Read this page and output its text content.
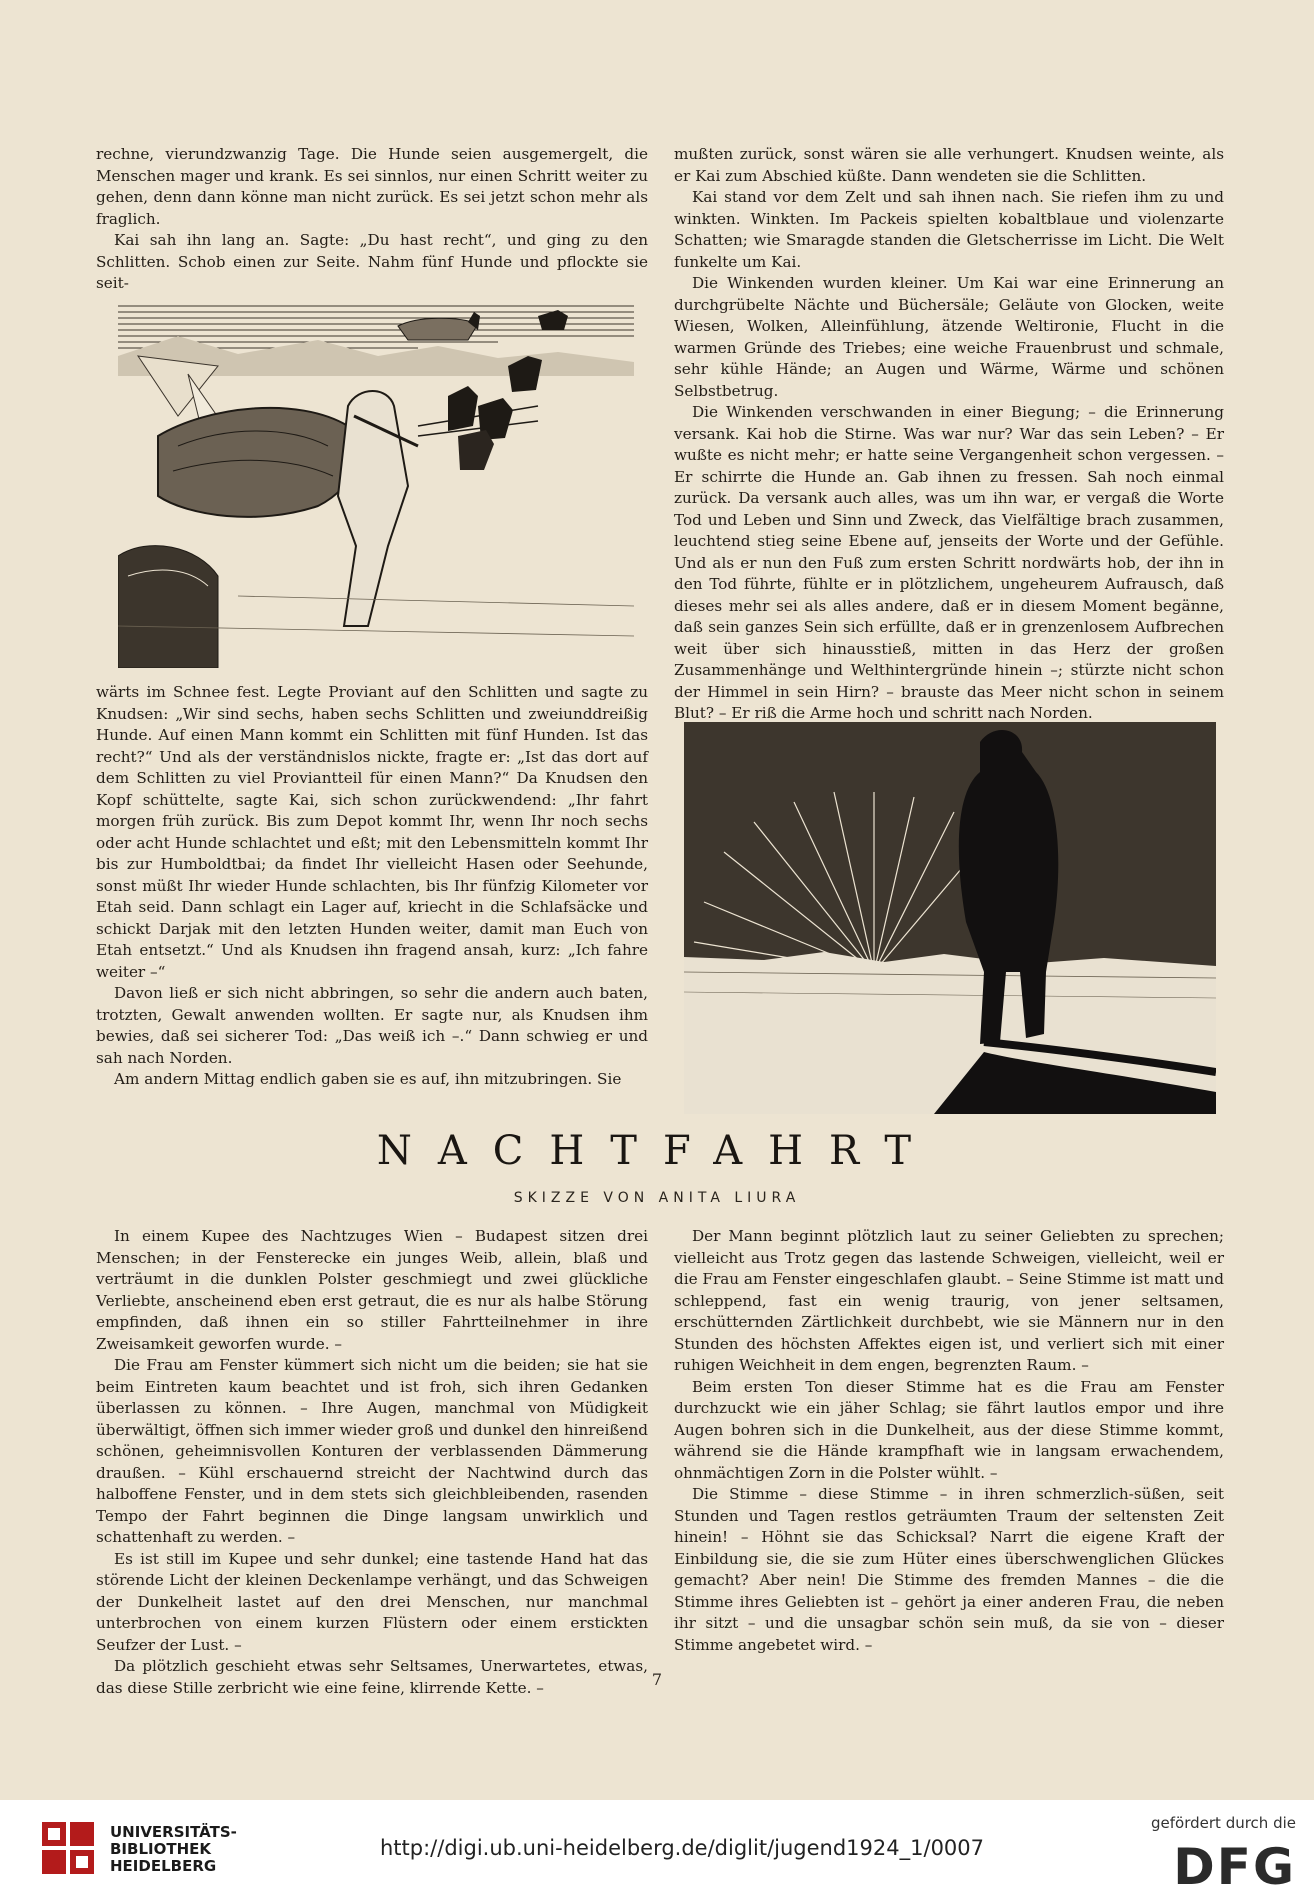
rechne, vierundzwanzig Tage. Die Hunde seien ausgemergelt, die Menschen mager und krank. Es sei sinnlos, nur einen Schritt weiter zu gehen, denn dann könne man nicht zurück. Es sei jetzt schon mehr als fraglich.

Kai sah ihn lang an. Sagte: „Du hast recht“, und ging zu den Schlitten. Schob einen zur Seite. Nahm fünf Hunde und pflockte sie seit-

wärts im Schnee fest. Legte Proviant auf den Schlitten und sagte zu Knudsen: „Wir sind sechs, haben sechs Schlitten und zweiunddreißig Hunde. Auf einen Mann kommt ein Schlitten mit fünf Hunden. Ist das recht?“ Und als der verständnislos nickte, fragte er: „Ist das dort auf dem Schlitten zu viel Proviantteil für einen Mann?“ Da Knudsen den Kopf schüttelte, sagte Kai, sich schon zurückwendend: „Ihr fahrt morgen früh zurück. Bis zum Depot kommt Ihr, wenn Ihr noch sechs oder acht Hunde schlachtet und eßt; mit den Lebensmitteln kommt Ihr bis zur Humboldtbai; da findet Ihr vielleicht Hasen oder Seehunde, sonst müßt Ihr wieder Hunde schlachten, bis Ihr fünfzig Kilometer vor Etah seid. Dann schlagt ein Lager auf, kriecht in die Schlafsäcke und schickt Darjak mit den letzten Hunden weiter, damit man Euch von Etah entsetzt.“ Und als Knudsen ihn fragend ansah, kurz: „Ich fahre weiter –“

Davon ließ er sich nicht abbringen, so sehr die andern auch baten, trotzten, Gewalt anwenden wollten. Er sagte nur, als Knudsen ihm bewies, daß sei sicherer Tod: „Das weiß ich –.“ Dann schwieg er und sah nach Norden.

Am andern Mittag endlich gaben sie es auf, ihn mitzubringen. Sie

mußten zurück, sonst wären sie alle verhungert. Knudsen weinte, als er Kai zum Abschied küßte. Dann wendeten sie die Schlitten.

Kai stand vor dem Zelt und sah ihnen nach. Sie riefen ihm zu und winkten. Winkten. Im Packeis spielten kobaltblaue und violenzarte Schatten; wie Smaragde standen die Gletscherrisse im Licht. Die Welt funkelte um Kai.

Die Winkenden wurden kleiner. Um Kai war eine Erinnerung an durchgrübelte Nächte und Büchersäle; Geläute von Glocken, weite Wiesen, Wolken, Alleinfühlung, ätzende Weltironie, Flucht in die warmen Gründe des Triebes; eine weiche Frauenbrust und schmale, sehr kühle Hände; an Augen und Wärme, Wärme und schönen Selbstbetrug.

Die Winkenden verschwanden in einer Biegung; – die Erinnerung versank. Kai hob die Stirne. Was war nur? War das sein Leben? – Er wußte es nicht mehr; er hatte seine Vergangenheit schon vergessen. – Er schirrte die Hunde an. Gab ihnen zu fressen. Sah noch einmal zurück. Da versank auch alles, was um ihn war, er vergaß die Worte Tod und Leben und Sinn und Zweck, das Vielfältige brach zusammen, leuchtend stieg seine Ebene auf, jenseits der Worte und der Gefühle. Und als er nun den Fuß zum ersten Schritt nordwärts hob, der ihn in den Tod führte, fühlte er in plötzlichem, ungeheurem Aufrausch, daß dieses mehr sei als alles andere, daß er in diesem Moment begänne, daß sein ganzes Sein sich erfüllte, daß er in grenzenlosem Aufbrechen weit über sich hinausstieß, mitten in das Herz der großen Zusammenhänge und Welthintergründe hinein –; stürzte nicht schon der Himmel in sein Hirn? – brauste das Meer nicht schon in seinem Blut? – Er riß die Arme hoch und schritt nach Norden.

NACHTFAHRT
SKIZZE VON ANITA LIURA

In einem Kupee des Nachtzuges Wien – Budapest sitzen drei Menschen; in der Fensterecke ein junges Weib, allein, blaß und verträumt in die dunklen Polster geschmiegt und zwei glückliche Verliebte, anscheinend eben erst getraut, die es nur als halbe Störung empfinden, daß ihnen ein so stiller Fahrtteilnehmer in ihre Zweisamkeit geworfen wurde. –

Die Frau am Fenster kümmert sich nicht um die beiden; sie hat sie beim Eintreten kaum beachtet und ist froh, sich ihren Gedanken überlassen zu können. – Ihre Augen, manchmal von Müdigkeit überwältigt, öffnen sich immer wieder groß und dunkel den hinreißend schönen, geheimnisvollen Konturen der verblassenden Dämmerung draußen. – Kühl erschauernd streicht der Nachtwind durch das halboffene Fenster, und in dem stets sich gleichbleibenden, rasenden Tempo der Fahrt beginnen die Dinge langsam unwirklich und schattenhaft zu werden. –

Es ist still im Kupee und sehr dunkel; eine tastende Hand hat das störende Licht der kleinen Deckenlampe verhängt, und das Schweigen der Dunkelheit lastet auf den drei Menschen, nur manchmal unterbrochen von einem kurzen Flüstern oder einem erstickten Seufzer der Lust. –

Da plötzlich geschieht etwas sehr Seltsames, Unerwartetes, etwas, das diese Stille zerbricht wie eine feine, klirrende Kette. –

Der Mann beginnt plötzlich laut zu seiner Geliebten zu sprechen; vielleicht aus Trotz gegen das lastende Schweigen, vielleicht, weil er die Frau am Fenster eingeschlafen glaubt. – Seine Stimme ist matt und schleppend, fast ein wenig traurig, von jener seltsamen, erschütternden Zärtlichkeit durchbebt, wie sie Männern nur in den Stunden des höchsten Affektes eigen ist, und verliert sich mit einer ruhigen Weichheit in dem engen, begrenzten Raum. –

Beim ersten Ton dieser Stimme hat es die Frau am Fenster durchzuckt wie ein jäher Schlag; sie fährt lautlos empor und ihre Augen bohren sich in die Dunkelheit, aus der diese Stimme kommt, während sie die Hände krampfhaft wie in langsam erwachendem, ohnmächtigen Zorn in die Polster wühlt. –

Die Stimme – diese Stimme – in ihren schmerzlich-süßen, seit Stunden und Tagen restlos geträumten Traum der seltensten Zeit hinein! – Höhnt sie das Schicksal? Narrt die eigene Kraft der Einbildung sie, die sie zum Hüter eines überschwenglichen Glückes gemacht? Aber nein! Die Stimme des fremden Mannes – die die Stimme ihres Geliebten ist – gehört ja einer anderen Frau, die neben ihr sitzt – und die unsagbar schön sein muß, da sie von – dieser Stimme angebetet wird. –

7
UNIVERSITÄTS-
BIBLIOTHEK
HEIDELBERG
http://digi.ub.uni-heidelberg.de/diglit/jugend1924_1/0007
gefördert durch die
DFG
